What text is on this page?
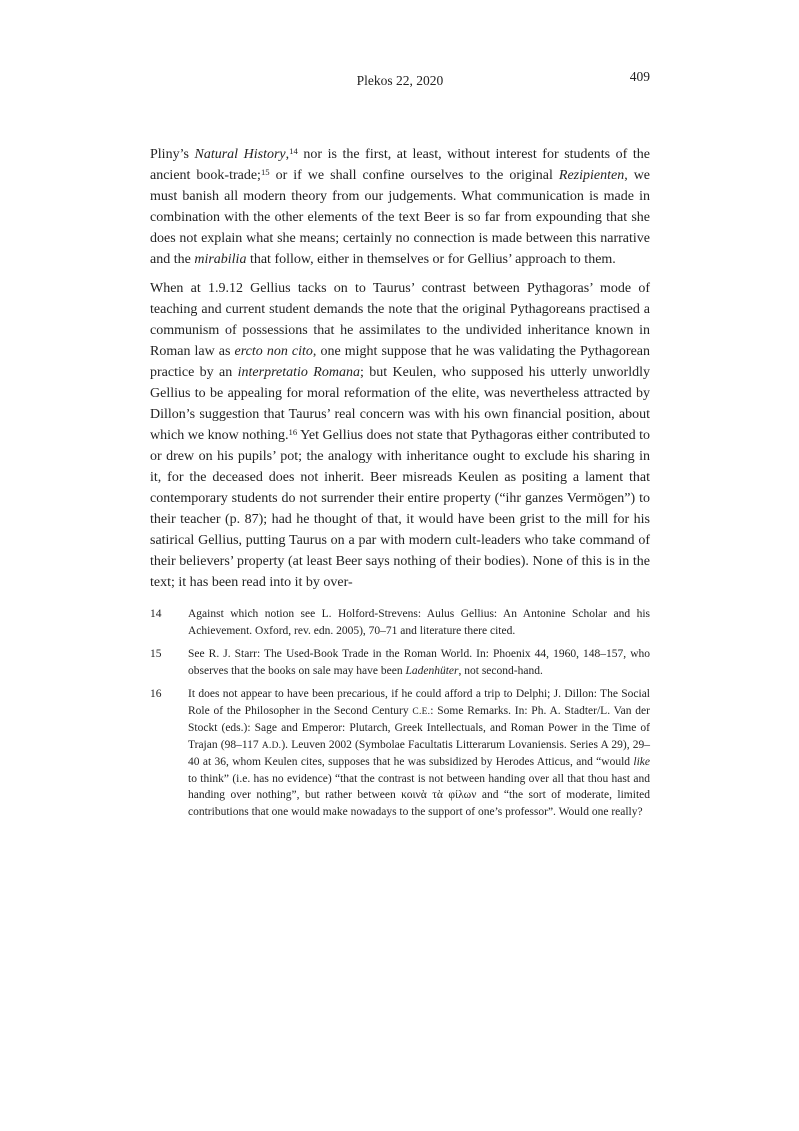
Plekos 22, 2020	409

Pliny’s Natural History,$^{14}$ nor is the first, at least, without interest for students of the ancient book-trade;$^{15}$ or if we shall confine ourselves to the original Rezipienten, we must banish all modern theory from our judgements. What communication is made in combination with the other elements of the text Beer is so far from expounding that she does not explain what she means; certainly no connection is made between this narrative and the mirabilia that follow, either in themselves or for Gellius’ approach to them.

When at 1.9.12 Gellius tacks on to Taurus’ contrast between Pythagoras’ mode of teaching and current student demands the note that the original Pythagoreans practised a communism of possessions that he assimilates to the undivided inheritance known in Roman law as ercto non cito, one might suppose that he was validating the Pythagorean practice by an interpretatio Romana; but Keulen, who supposed his utterly unworldly Gellius to be appealing for moral reformation of the elite, was nevertheless attracted by Dillon’s suggestion that Taurus’ real concern was with his own financial position, about which we know nothing.$^{16}$ Yet Gellius does not state that Pythagoras either contributed to or drew on his pupils’ pot; the analogy with inheritance ought to exclude his sharing in it, for the deceased does not inherit. Beer misreads Keulen as positing a lament that contemporary students do not surrender their entire property (“ihr ganzes Vermögen”) to their teacher (p. 87); had he thought of that, it would have been grist to the mill for his satirical Gellius, putting Taurus on a par with modern cult-leaders who take command of their believers’ property (at least Beer says nothing of their bodies). None of this is in the text; it has been read into it by over-

14 Against which notion see L. Holford-Strevens: Aulus Gellius: An Antonine Scholar and his Achievement. Oxford, rev. edn. 2005), 70–71 and literature there cited.
15 See R. J. Starr: The Used-Book Trade in the Roman World. In: Phoenix 44, 1960, 148–157, who observes that the books on sale may have been Ladenhüter, not second-hand.
16 It does not appear to have been precarious, if he could afford a trip to Delphi; J. Dillon: The Social Role of the Philosopher in the Second Century C.E.: Some Remarks. In: Ph. A. Stadter/L. Van der Stockt (eds.): Sage and Emperor: Plutarch, Greek Intellectuals, and Roman Power in the Time of Trajan (98–117 A.D.). Leuven 2002 (Symbolae Facultatis Litterarum Lovaniensis. Series A 29), 29–40 at 36, whom Keulen cites, supposes that he was subsidized by Herodes Atticus, and “would like to think” (i.e. has no evidence) “that the contrast is not between handing over all that thou hast and handing over nothing”, but rather between κοινὰ τὰ φίλων and “the sort of moderate, limited contributions that one would make nowadays to the support of one’s professor”. Would one really?
